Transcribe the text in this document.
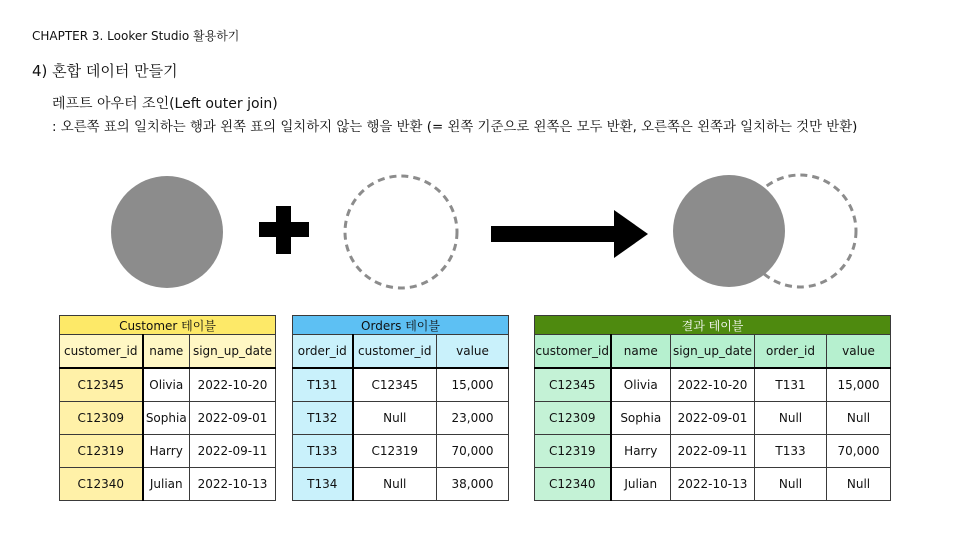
CHAPTER 3. Looker Studio 활용하기
4) 혼합 데이터 만들기
레프트 아우터 조인(Left outer join)
: 오른쪽 표의 일치하는 행과 왼쪽 표의 일치하지 않는 행을 반환 (= 왼쪽 기준으로 왼쪽은 모두 반환, 오른쪽은 왼쪽과 일치하는 것만 반환)
Customer 테이블		
customer_id	name	sign_up_date
C12345	Olivia	2022-10-20
C12309	Sophia	2022-09-01
C12319	Harry	2022-09-11
C12340	Julian	2022-10-13
Orders 테이블		
order_id	customer_id	value
T131	C12345	15,000
T132	Null	23,000
T133	C12319	70,000
T134	Null	38,000
결과 테이블				
customer_id	name	sign_up_date	order_id	value
C12345	Olivia	2022-10-20	T131	15,000
C12309	Sophia	2022-09-01	Null	Null
C12319	Harry	2022-09-11	T133	70,000
C12340	Julian	2022-10-13	Null	Null
